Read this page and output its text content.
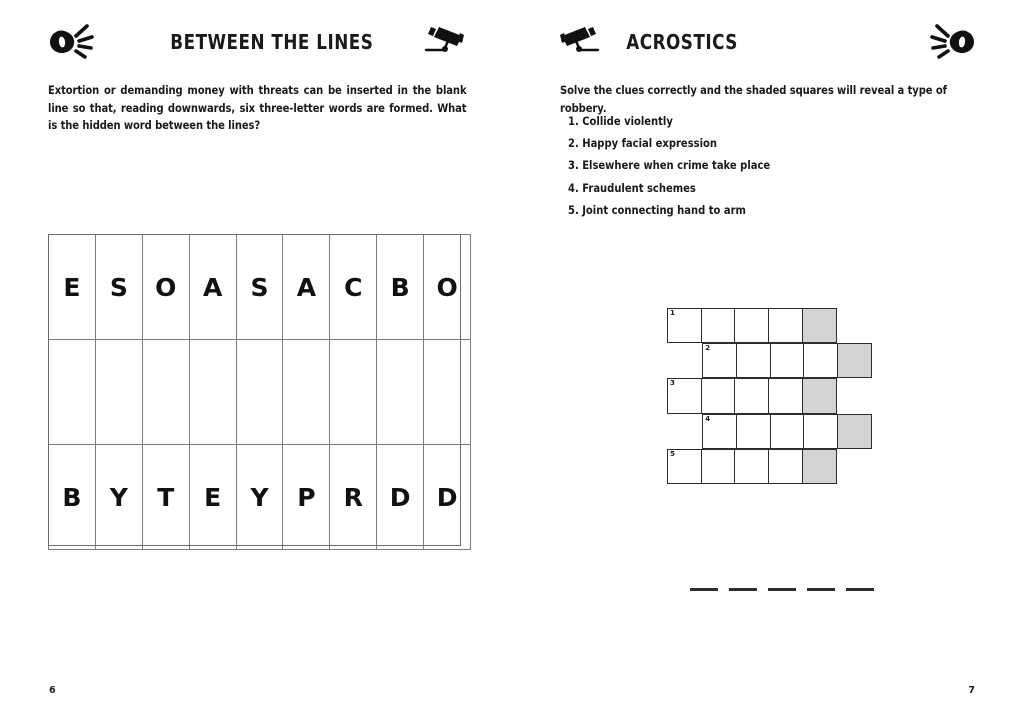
BETWEEN THE LINES
Extortion or demanding money with threats can be inserted in the blank line so that, reading downwards, six three-letter words are formed. What is the hidden word between the lines?
E	S	O	A	S	A	C	B	O

B	Y	T	E	Y	P	R	D	D
6
ACROSTICS
Solve the clues correctly and the shaded squares will reveal a type of robbery.
1. Collide violently
2. Happy facial expression
3. Elsewhere when crime take place
4. Fraudulent schemes
5. Joint connecting hand to arm
1
2
3
4
5
7
